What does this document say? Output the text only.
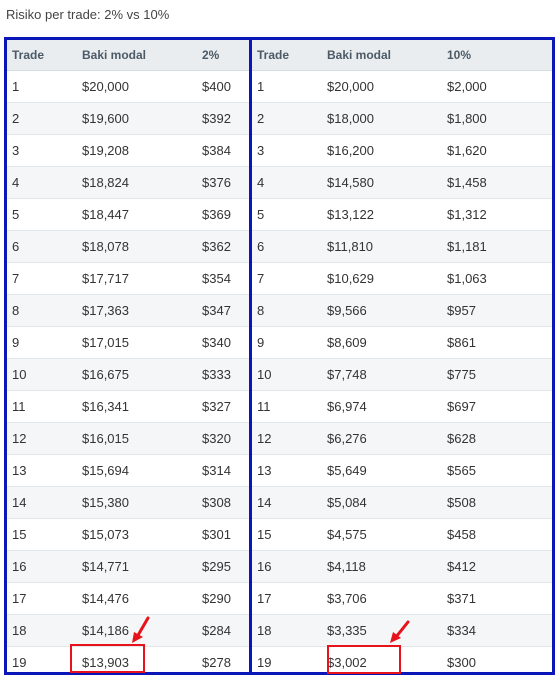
Risiko per trade: 2% vs 10%
Trade	Baki modal	2%
1	$20,000	$400
2	$19,600	$392
3	$19,208	$384
4	$18,824	$376
5	$18,447	$369
6	$18,078	$362
7	$17,717	$354
8	$17,363	$347
9	$17,015	$340
10	$16,675	$333
11	$16,341	$327
12	$16,015	$320
13	$15,694	$314
14	$15,380	$308
15	$15,073	$301
16	$14,771	$295
17	$14,476	$290
18	$14,186	$284
19	$13,903	$278
Trade	Baki modal	10%
1	$20,000	$2,000
2	$18,000	$1,800
3	$16,200	$1,620
4	$14,580	$1,458
5	$13,122	$1,312
6	$11,810	$1,181
7	$10,629	$1,063
8	$9,566	$957
9	$8,609	$861
10	$7,748	$775
11	$6,974	$697
12	$6,276	$628
13	$5,649	$565
14	$5,084	$508
15	$4,575	$458
16	$4,118	$412
17	$3,706	$371
18	$3,335	$334
19	$3,002	$300
